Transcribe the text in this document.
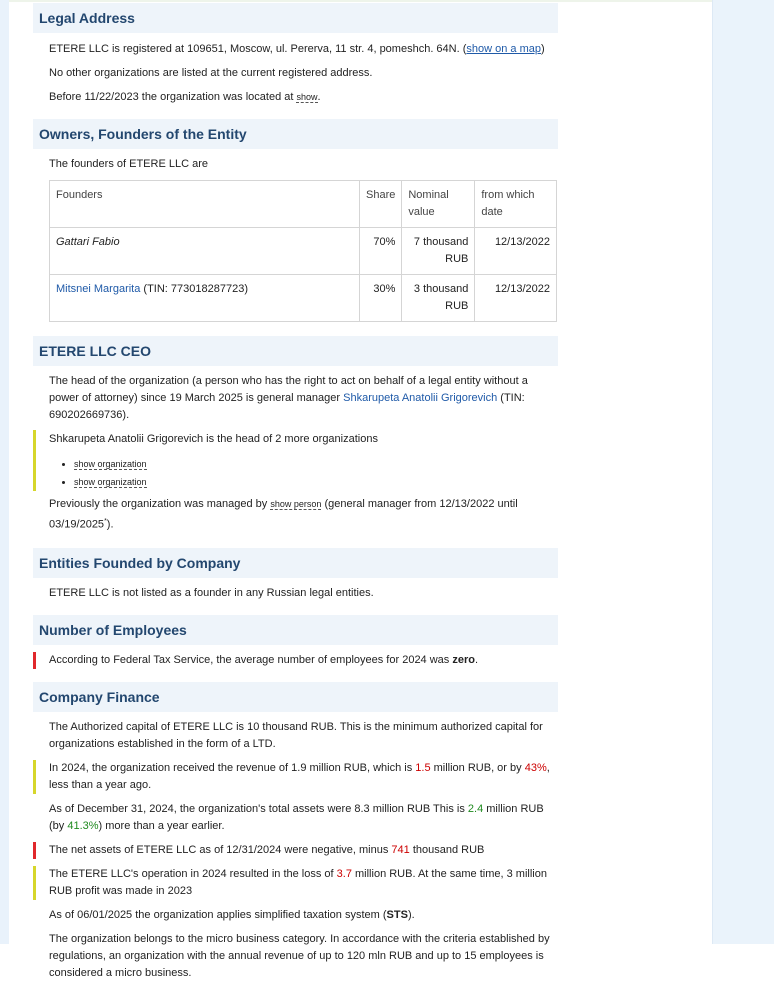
Legal Address

ETERE LLC is registered at 109651, Moscow, ul. Pererva, 11 str. 4, pomeshch. 64N. (show on a map)

No other organizations are listed at the current registered address.

Before 11/22/2023 the organization was located at show.

Owners, Founders of the Entity

The founders of ETERE LLC are

Founders	Share	Nominal value	from which date
Gattari Fabio	70%	7 thousand RUB	12/13/2022
Mitsnei Margarita (TIN: 773018287723)	30%	3 thousand RUB	12/13/2022
ETERE LLC CEO

The head of the organization (a person who has the right to act on behalf of a legal entity without a power of attorney) since 19 March 2025 is general manager Shkarupeta Anatolii Grigorevich (TIN: 690202669736).

Shkarupeta Anatolii Grigorevich is the head of 2 more organizations

• show organization
• show organization

Previously the organization was managed by show person (general manager from 12/13/2022 until 03/19/2025*).

Entities Founded by Company

ETERE LLC is not listed as a founder in any Russian legal entities.

Number of Employees

According to Federal Tax Service, the average number of employees for 2024 was zero.

Company Finance

The Authorized capital of ETERE LLC is 10 thousand RUB. This is the minimum authorized capital for organizations established in the form of a LTD.

In 2024, the organization received the revenue of 1.9 million RUB, which is 1.5 million RUB, or by 43%, less than a year ago.

As of December 31, 2024, the organization's total assets were 8.3 million RUB This is 2.4 million RUB (by 41.3%) more than a year earlier.

The net assets of ETERE LLC as of 12/31/2024 were negative, minus 741 thousand RUB

The ETERE LLC's operation in 2024 resulted in the loss of 3.7 million RUB. At the same time, 3 million RUB profit was made in 2023

As of 06/01/2025 the organization applies simplified taxation system (STS).

The organization belongs to the micro business category. In accordance with the criteria established by regulations, an organization with the annual revenue of up to 120 mln RUB and up to 15 employees is considered a micro business.
